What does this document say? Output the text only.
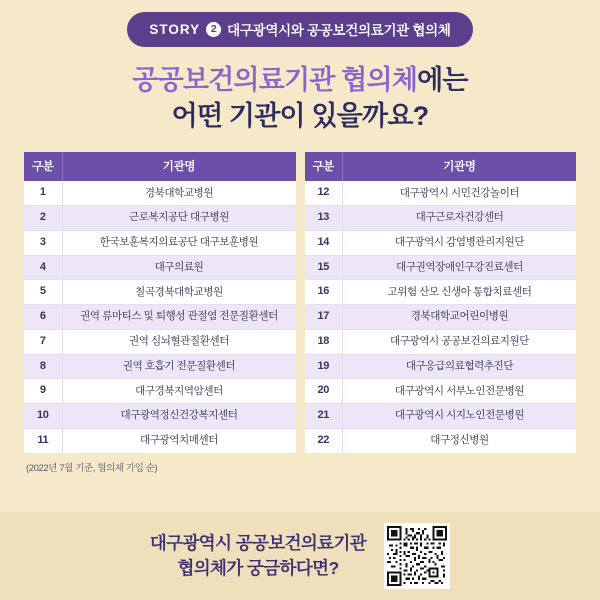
STORY	2 대구광역시와 공공보건의료기관 협의체
공공보건의료기관 협의체에는
어떤 기관이 있을까요?
구분	기관명
1	경북대학교병원
2	근로복지공단 대구병원
3	한국보훈복지의료공단 대구보훈병원
4	대구의료원
5	칠곡경북대학교병원
6	권역 류마티스 및 퇴행성 관절염 전문질환센터
7	권역 심뇌혈관질환센터
8	권역 호흡기 전문질환센터
9	대구경북지역암센터
10	대구광역정신건강복지센터
11	대구광역치매센터
구분	기관명
12	대구광역시 시민건강놀이터
13	대구근로자건강센터
14	대구광역시 감염병관리지원단
15	대구권역장애인구강진료센터
16	고위험 산모 신생아 통합치료센터
17	경북대학교어린이병원
18	대구광역시 공공보건의료지원단
19	대구응급의료협력추진단
20	대구광역시 서부노인전문병원
21	대구광역시 시지노인전문병원
22	대구정신병원
(2022년 7월 기준, 협의체 가입 순)
대구광역시 공공보건의료기관
협의체가 궁금하다면?
